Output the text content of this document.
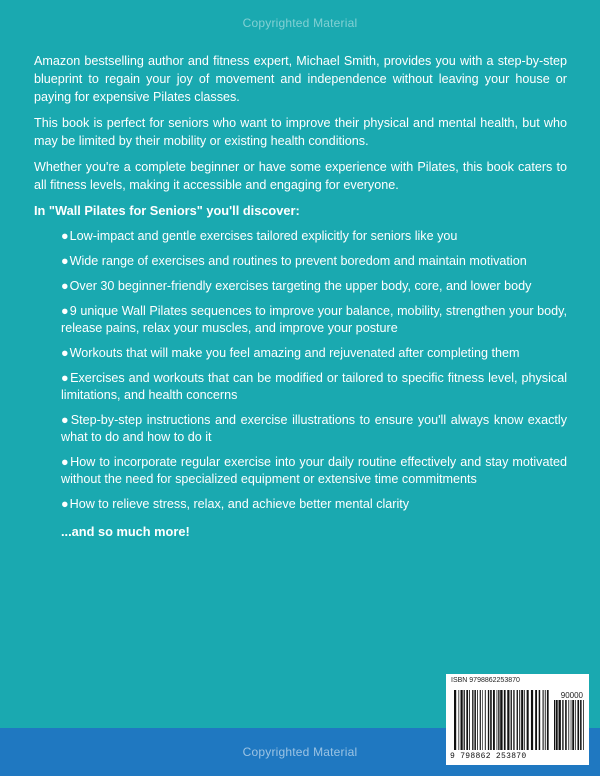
Copyrighted Material

Amazon bestselling author and fitness expert, Michael Smith, provides you with a step-by-step blueprint to regain your joy of movement and independence without leaving your house or paying for expensive Pilates classes.

This book is perfect for seniors who want to improve their physical and mental health, but who may be limited by their mobility or existing health conditions.

Whether you're a complete beginner or have some experience with Pilates, this book caters to all fitness levels, making it accessible and engaging for everyone.

In "Wall Pilates for Seniors" you'll discover:
●Low-impact and gentle exercises tailored explicitly for seniors like you
●Wide range of exercises and routines to prevent boredom and maintain motivation
●Over 30 beginner-friendly exercises targeting the upper body, core, and lower body
●9 unique Wall Pilates sequences to improve your balance, mobility, strengthen your body, release pains, relax your muscles, and improve your posture
●Workouts that will make you feel amazing and rejuvenated after completing them
●Exercises and workouts that can be modified or tailored to specific fitness level, physical limitations, and health concerns
●Step-by-step instructions and exercise illustrations to ensure you'll always know exactly what to do and how to do it
●How to incorporate regular exercise into your daily routine effectively and stay motivated without the need for specialized equipment or extensive time commitments
●How to relieve stress, relax, and achieve better mental clarity
...and so much more!
ISBN 9798862253870
90000
9 798862 253870
Copyrighted Material
